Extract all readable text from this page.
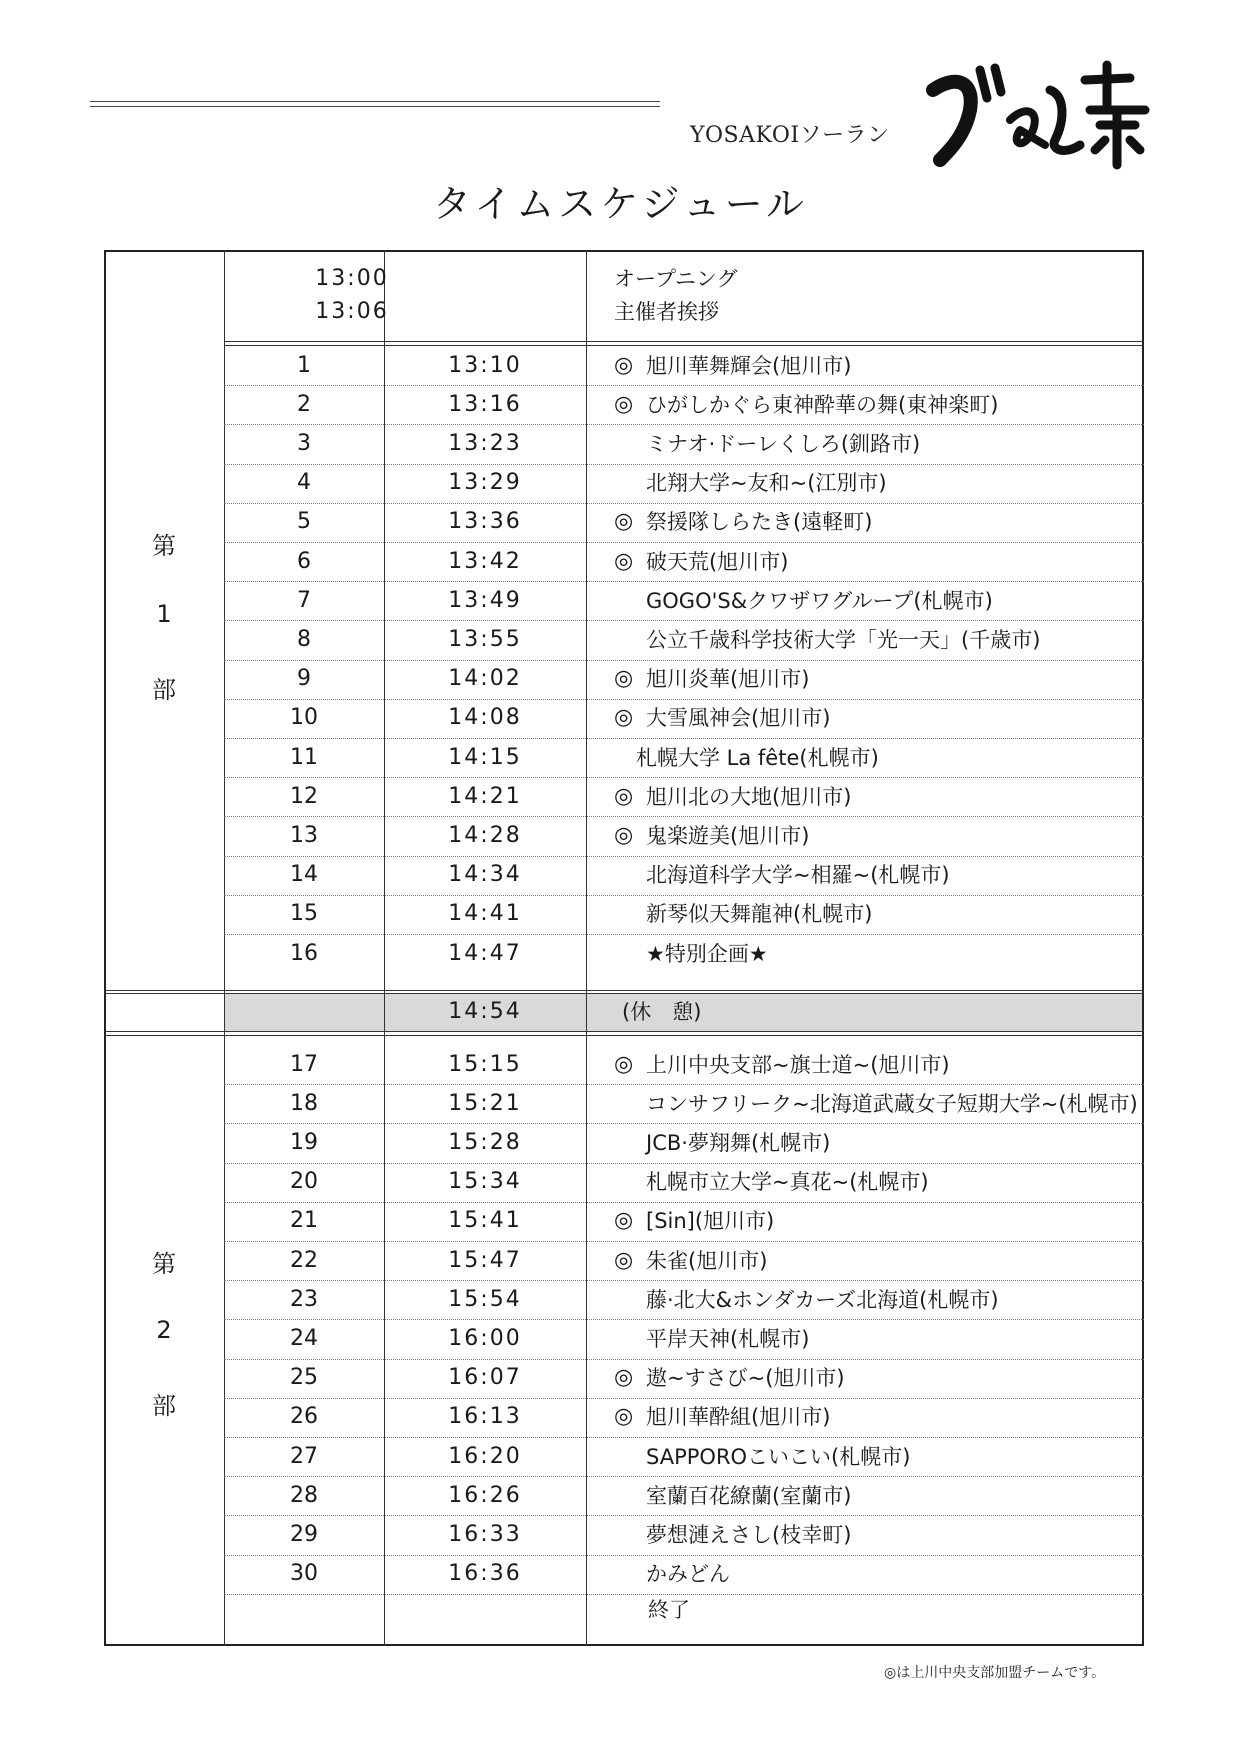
YOSAKOIソーラン
タイムスケジュール
13:00	オープニング
13:06	主催者挨拶
1	13:10	◎ 旭川華舞輝会(旭川市)
2	13:16	◎ ひがしかぐら東神酔華の舞(東神楽町)
3	13:23	ミナオ·ドーレくしろ(釧路市)
4	13:29	北翔大学~友和~(江別市)
5	13:36	◎ 祭援隊しらたき(遠軽町)
6	13:42	◎ 破天荒(旭川市)
7	13:49	GOGO'S&クワザワグループ(札幌市)
8	13:55	公立千歳科学技術大学「光一天」(千歳市)
9	14:02	◎ 旭川炎華(旭川市)
10	14:08	◎ 大雪風神会(旭川市)
11	14:15	札幌大学 La fête(札幌市)
12	14:21	◎ 旭川北の大地(旭川市)
13	14:28	◎ 鬼楽遊美(旭川市)
14	14:34	北海道科学大学~相羅~(札幌市)
15	14:41	新琴似天舞龍神(札幌市)
16	14:47	★特別企画★
14:54	(休　憩)
17	15:15	◎ 上川中央支部~旗士道~(旭川市)
18	15:21	コンサフリーク~北海道武蔵女子短期大学~(札幌市)
19	15:28	JCB·夢翔舞(札幌市)
20	15:34	札幌市立大学~真花~(札幌市)
21	15:41	◎ [Sin](旭川市)
22	15:47	◎ 朱雀(旭川市)
23	15:54	藤·北大&ホンダカーズ北海道(札幌市)
24	16:00	平岸天神(札幌市)
25	16:07	◎ 遨~すさび~(旭川市)
26	16:13	◎ 旭川華酔組(旭川市)
27	16:20	SAPPOROこいこい(札幌市)
28	16:26	室蘭百花繚蘭(室蘭市)
29	16:33	夢想漣えさし(枝幸町)
30	16:36	かみどん
終了
第
1
部
第
2
部
◎は上川中央支部加盟チームです。
